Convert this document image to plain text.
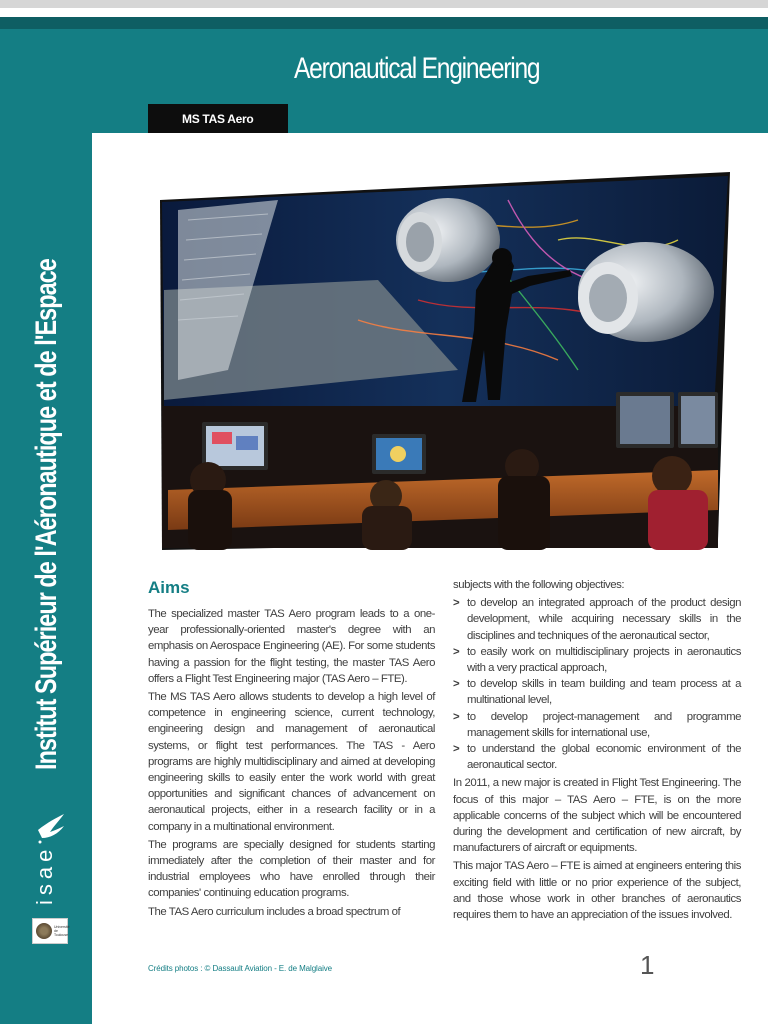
Aeronautical Engineering
MS TAS Aero
Institut Supérieur de l'Aéronautique et de l'Espace
isae
Université de Toulouse
Aims

The specialized master TAS Aero program leads to a one-year professionally-oriented master's degree with an emphasis on Aerospace Engineering (AE). For some students having a passion for the flight testing, the master TAS Aero offers a Flight Test Engineering major (TAS Aero – FTE).

The MS TAS Aero allows students to develop a high level of competence in engineering science, current technology, engineering design and management of aeronautical systems, or flight test performances. The TAS - Aero programs are highly multidisciplinary and aimed at developing engineering skills to easily enter the work world with great opportunities and significant chances of advancement on aeronautical projects, either in a research facility or in a company in a multinational environment.

The programs are specially designed for students starting immediately after the completion of their master and for industrial employees who have enrolled through their companies' continuing education programs.

The TAS Aero curriculum includes a broad spectrum of

subjects with the following objectives:

> to develop an integrated approach of the product design development, while acquiring necessary skills in the disciplines and techniques of the aeronautical sector,
> to easily work on multidisciplinary projects in aeronautics with a very practical approach,
> to develop skills in team building and team process at a multinational level,
> to develop project-management and programme management skills for international use,
> to understand the global economic environment of the aeronautical sector.

In 2011, a new major is created in Flight Test Engineering. The focus of this major – TAS Aero – FTE, is on the more applicable concerns of the subject which will be encountered during the development and certification of new aircraft, by manufacturers of aircraft or equipments.

This major TAS Aero – FTE is aimed at engineers entering this exciting field with little or no prior experience of the subject, and those whose work in other branches of aeronautics requires them to have an appreciation of the issues involved.

Crédits photos : © Dassault Aviation - E. de Malglaive	1
